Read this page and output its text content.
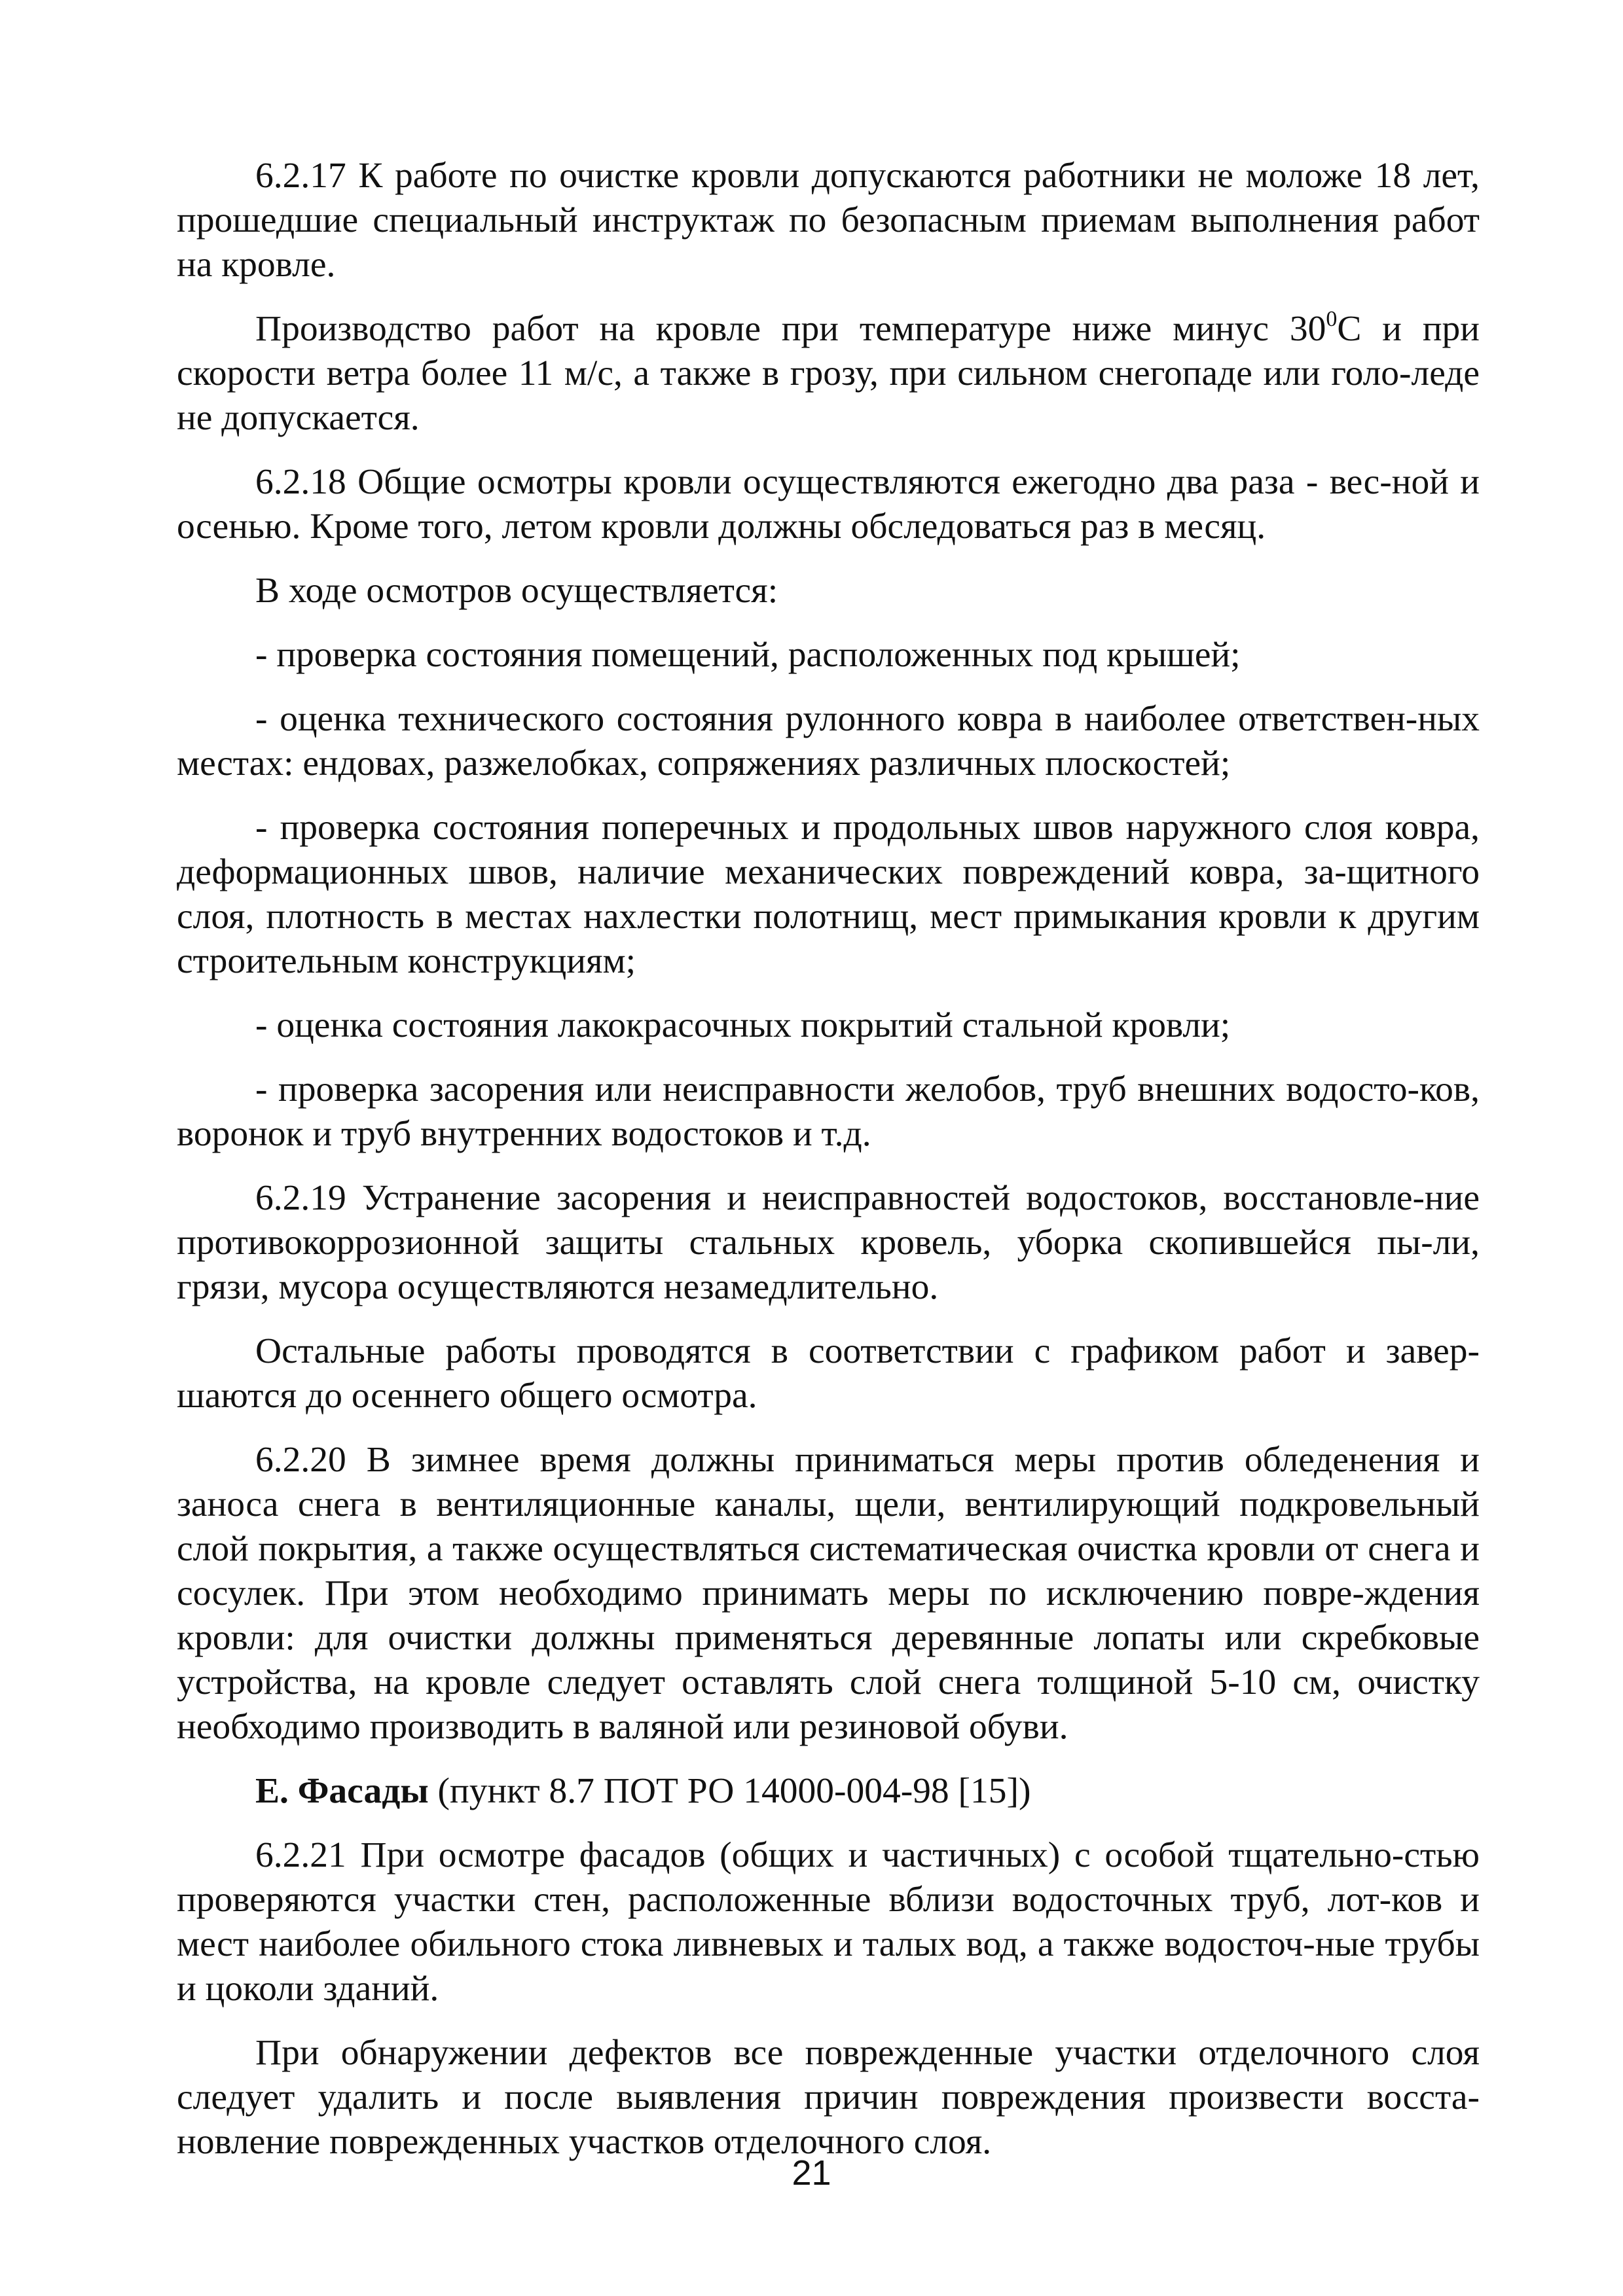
6.2.17 К работе по очистке кровли допускаются работники не моложе 18 лет, прошедшие специальный инструктаж по безопасным приемам выполнения работ на кровле.

Производство работ на кровле при температуре ниже минус $30^0С$ и при скорости ветра более 11 м/с, а также в грозу, при сильном снегопаде или голо-леде не допускается.

6.2.18 Общие осмотры кровли осуществляются ежегодно два раза - вес-ной и осенью. Кроме того, летом кровли должны обследоваться раз в месяц.

В ходе осмотров осуществляется:

- проверка состояния помещений, расположенных под крышей;

- оценка технического состояния рулонного ковра в наиболее ответствен-ных местах: ендовах, разжелобках, сопряжениях различных плоскостей;

- проверка состояния поперечных и продольных швов наружного слоя ковра, деформационных швов, наличие механических повреждений ковра, за-щитного слоя, плотность в местах нахлестки полотнищ, мест примыкания кровли к другим строительным конструкциям;

- оценка состояния лакокрасочных покрытий стальной кровли;

- проверка засорения или неисправности желобов, труб внешних водосто-ков, воронок и труб внутренних водостоков и т.д.

6.2.19 Устранение засорения и неисправностей водостоков, восстановле-ние противокоррозионной защиты стальных кровель, уборка скопившейся пы-ли, грязи, мусора осуществляются незамедлительно.

Остальные работы проводятся в соответствии с графиком работ и завер-шаются до осеннего общего осмотра.

6.2.20 В зимнее время должны приниматься меры против обледенения и заноса снега в вентиляционные каналы, щели, вентилирующий подкровельный слой покрытия, а также осуществляться систематическая очистка кровли от снега и сосулек. При этом необходимо принимать меры по исключению повре-ждения кровли: для очистки должны применяться деревянные лопаты или скребковые устройства, на кровле следует оставлять слой снега толщиной 5-10 см, очистку необходимо производить в валяной или резиновой обуви.

Е. Фасады (пункт 8.7 ПОТ РО 14000-004-98 [15])

6.2.21 При осмотре фасадов (общих и частичных) с особой тщательно-стью проверяются участки стен, расположенные вблизи водосточных труб, лот-ков и мест наиболее обильного стока ливневых и талых вод, а также водосточ-ные трубы и цоколи зданий.

При обнаружении дефектов все поврежденные участки отделочного слоя следует удалить и после выявления причин повреждения произвести восста-новление поврежденных участков отделочного слоя.

21
